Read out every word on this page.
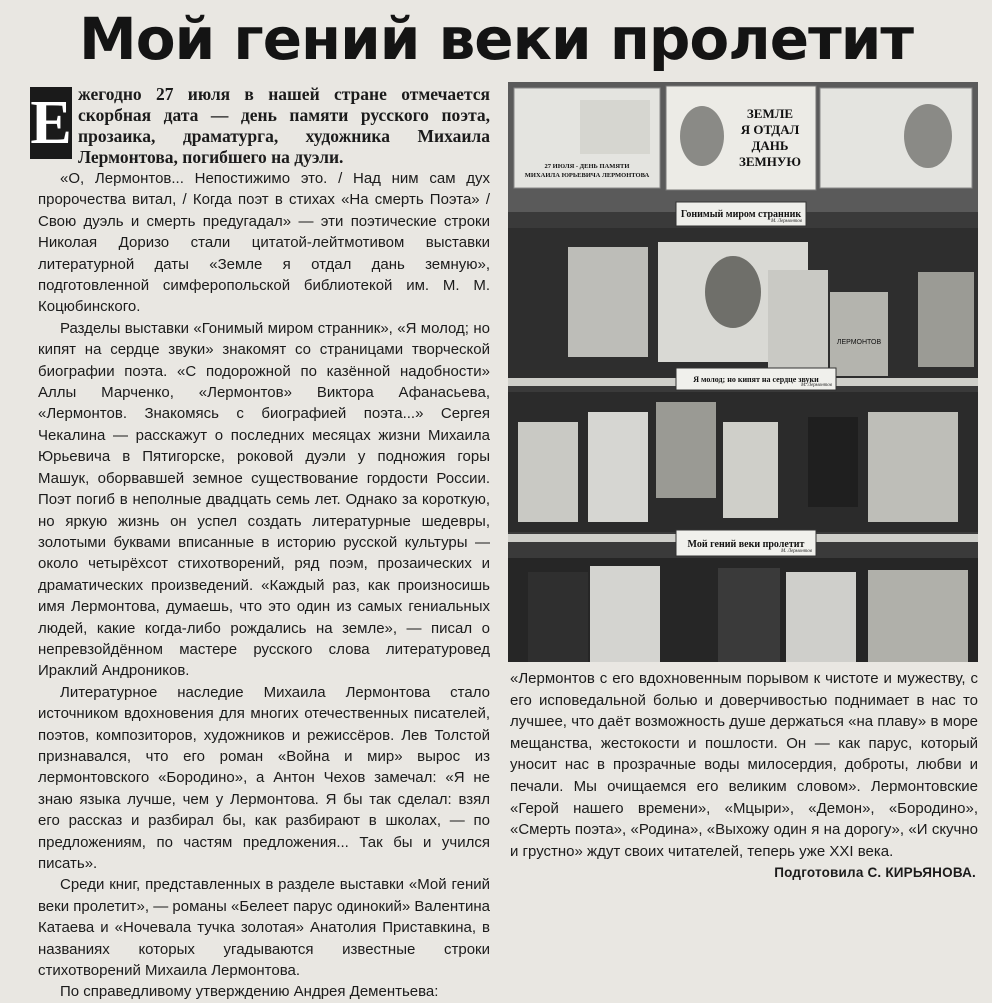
Мой гений веки пролетит

Е жегодно 27 июля в нашей стране отмечается скорбная дата — день памяти русского поэта, прозаика, драматурга, художника Михаила Лермонтова, погибшего на дуэли.

«О, Лермонтов... Непостижимо это. / Над ним сам дух пророчества витал, / Когда поэт в стихах «На смерть Поэта» / Свою дуэль и смерть предугадал» — эти поэтические строки Николая Доризо стали цитатой-лейтмотивом выставки литературной даты «Земле я отдал дань земную», подготовленной симферопольской библиотекой им. М. М. Коцюбинского.

Разделы выставки «Гонимый миром странник», «Я молод; но кипят на сердце звуки» знакомят со страницами творческой биографии поэта. «С подорожной по казённой надобности» Аллы Марченко, «Лермонтов» Виктора Афанасьева, «Лермонтов. Знакомясь с биографией поэта...» Сергея Чекалина — расскажут о последних месяцах жизни Михаила Юрьевича в Пятигорске, роковой дуэли у подножия горы Машук, оборвавшей земное существование гордости России. Поэт погиб в неполные двадцать семь лет. Однако за короткую, но яркую жизнь он успел создать литературные шедевры, золотыми буквами вписанные в историю русской культуры — около четырёхсот стихотворений, ряд поэм, прозаических и драматических произведений. «Каждый раз, как произносишь имя Лермонтова, думаешь, что это один из самых гениальных людей, какие когда-либо рождались на земле», — писал о непревзойдённом мастере русского слова литературовед Ираклий Андроников.

Литературное наследие Михаила Лермонтова стало источником вдохновения для многих отечественных писателей, поэтов, композиторов, художников и режиссёров. Лев Толстой признавался, что его роман «Война и мир» вырос из лермонтовского «Бородино», а Антон Чехов замечал: «Я не знаю языка лучше, чем у Лермонтова. Я бы так сделал: взял его рассказ и разбирал бы, как разбирают в школах, — по предложениям, по частям предложения... Так бы и учился писать».

Среди книг, представленных в разделе выставки «Мой гений веки пролетит», — романы «Белеет парус одинокий» Валентина Катаева и «Ночевала тучка золотая» Анатолия Приставкина, в названиях которых угадываются известные строки стихотворений Михаила Лермонтова.

По справедливому утверждению Андрея Дементьева:

Гонимый миром странник
ЛЕРМОНТОВ
Я молод; но кипят на сердце звуки
Мой гений веки пролетит
ЗЕМЛЕ Я ОТДАЛ ДАНЬ ЗЕМНУЮ
27 ИЮЛЯ - ДЕНЬ ПАМЯТИ МИХАИЛА ЮРЬЕВИЧА ЛЕРМОНТОВА
М. Лермонтов
М. Лермонтов
М. Лермонтов

«Лермонтов с его вдохновенным порывом к чистоте и мужеству, с его исповедальной болью и доверчивостью поднимает в нас то лучшее, что даёт возможность душе держаться «на плаву» в море мещанства, жестокости и пошлости. Он — как парус, который уносит нас в прозрачные воды милосердия, доброты, любви и печали. Мы очищаемся его великим словом». Лермонтовские «Герой нашего времени», «Мцыри», «Демон», «Бородино», «Смерть поэта», «Родина», «Выхожу один я на дорогу», «И скучно и грустно» ждут своих читателей, теперь уже XXI века.

Подготовила С. КИРЬЯНОВА.
